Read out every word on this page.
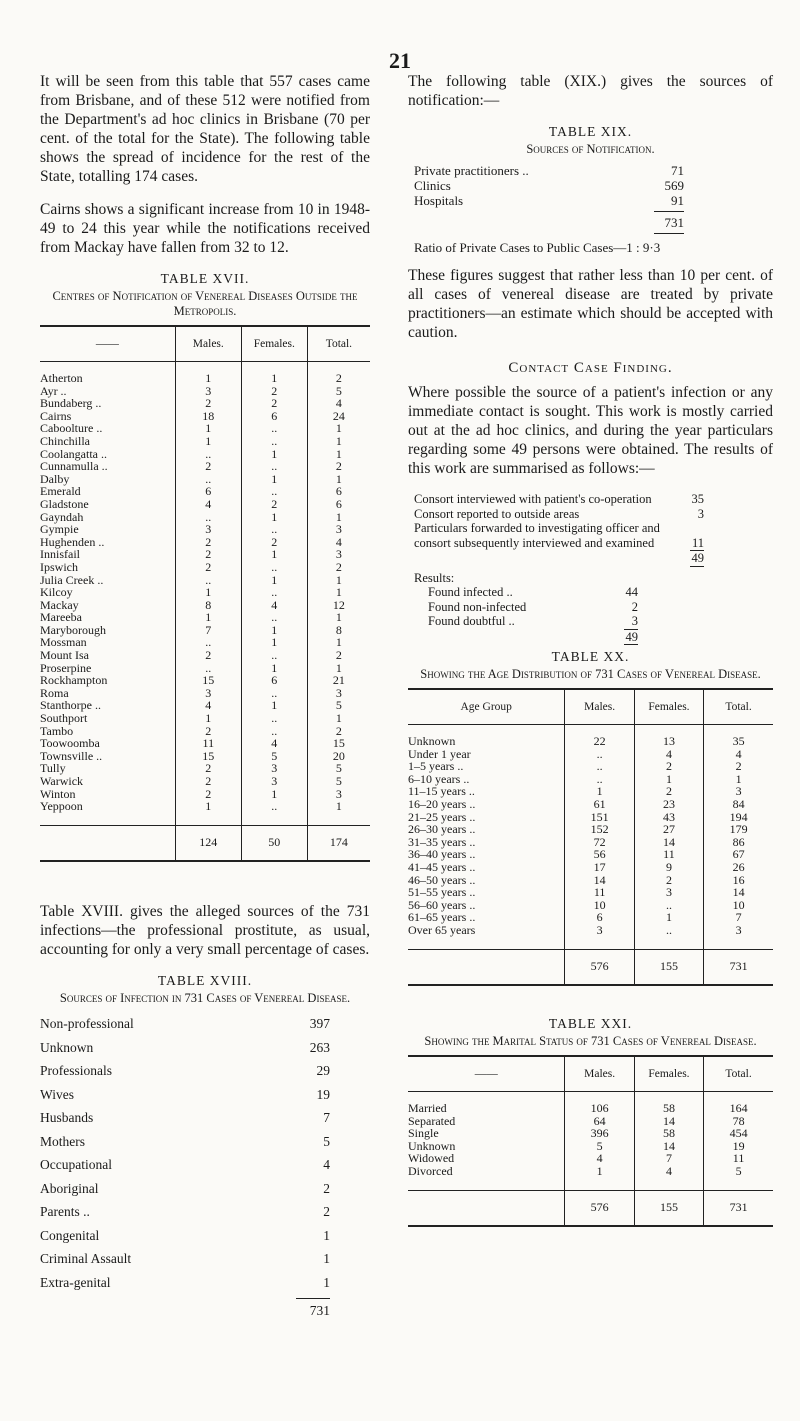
21

It will be seen from this table that 557 cases came from Brisbane, and of these 512 were notified from the Department's ad hoc clinics in Brisbane (70 per cent. of the total for the State). The following table shows the spread of incidence for the rest of the State, totalling 174 cases.

Cairns shows a significant increase from 10 in 1948-49 to 24 this year while the notifications received from Mackay have fallen from 32 to 12.

TABLE XVII.
Centres of Notification of Venereal Diseases Outside the Metropolis.
——	Males.	Females.	Total.
Atherton	1	1	2
Ayr ..	3	2	5
Bundaberg ..	2	2	4
Cairns	18	6	24
Caboolture ..	1	..	1
Chinchilla	1	..	1
Coolangatta ..	..	1	1
Cunnamulla ..	2	..	2
Dalby	..	1	1
Emerald	6	..	6
Gladstone	4	2	6
Gayndah	..	1	1
Gympie	3	..	3
Hughenden ..	2	2	4
Innisfail	2	1	3
Ipswich	2	..	2
Julia Creek ..	..	1	1
Kilcoy	1	..	1
Mackay	8	4	12
Mareeba	1	..	1
Maryborough	7	1	8
Mossman	..	1	1
Mount Isa	2	..	2
Proserpine	..	1	1
Rockhampton	15	6	21
Roma	3	..	3
Stanthorpe ..	4	1	5
Southport	1	..	1
Tambo	2	..	2
Toowoomba	11	4	15
Townsville ..	15	5	20
Tully	2	3	5
Warwick	2	3	5
Winton	2	1	3
Yeppoon	1	..	1
	124	50	174

Table XVIII. gives the alleged sources of the 731 infections—the professional prostitute, as usual, accounting for only a very small percentage of cases.

TABLE XVIII.
Sources of Infection in 731 Cases of Venereal Disease.
Non-professional	397
Unknown	263
Professionals	29
Wives	19
Husbands	7
Mothers	5
Occupational	4
Aboriginal	2
Parents ..	2
Congenital	1
Criminal Assault	1
Extra-genital	1
731

The following table (XIX.) gives the sources of notification:—

TABLE XIX.
Sources of Notification.
Private practitioners ..	71
Clinics	569
Hospitals	91
731
Ratio of Private Cases to Public Cases—1 : 9·3

These figures suggest that rather less than 10 per cent. of all cases of venereal disease are treated by private practitioners—an estimate which should be accepted with caution.

Contact Case Finding.

Where possible the source of a patient's infection or any immediate contact is sought. This work is mostly carried out at the ad hoc clinics, and during the year particulars regarding some 49 persons were obtained. The results of this work are summarised as follows:—

Consort interviewed with patient's co-operation	35
Consort reported to outside areas	3
Particulars forwarded to investigating officer and consort subsequently interviewed and examined	11
49
Results:
Found infected ..	44
Found non-infected	2
Found doubtful ..	3
49
TABLE XX.
Showing the Age Distribution of 731 Cases of Venereal Disease.
Age Group	Males.	Females.	Total.
Unknown	22	13	35
Under 1 year	..	4	4
1–5 years ..	..	2	2
6–10 years ..	..	1	1
11–15 years ..	1	2	3
16–20 years ..	61	23	84
21–25 years ..	151	43	194
26–30 years ..	152	27	179
31–35 years ..	72	14	86
36–40 years ..	56	11	67
41–45 years ..	17	9	26
46–50 years ..	14	2	16
51–55 years ..	11	3	14
56–60 years ..	10	..	10
61–65 years ..	6	1	7
Over 65 years	3	..	3
	576	155	731
TABLE XXI.
Showing the Marital Status of 731 Cases of Venereal Disease.
——	Males.	Females.	Total.
Married	106	58	164
Separated	64	14	78
Single	396	58	454
Unknown	5	14	19
Widowed	4	7	11
Divorced	1	4	5
	576	155	731
